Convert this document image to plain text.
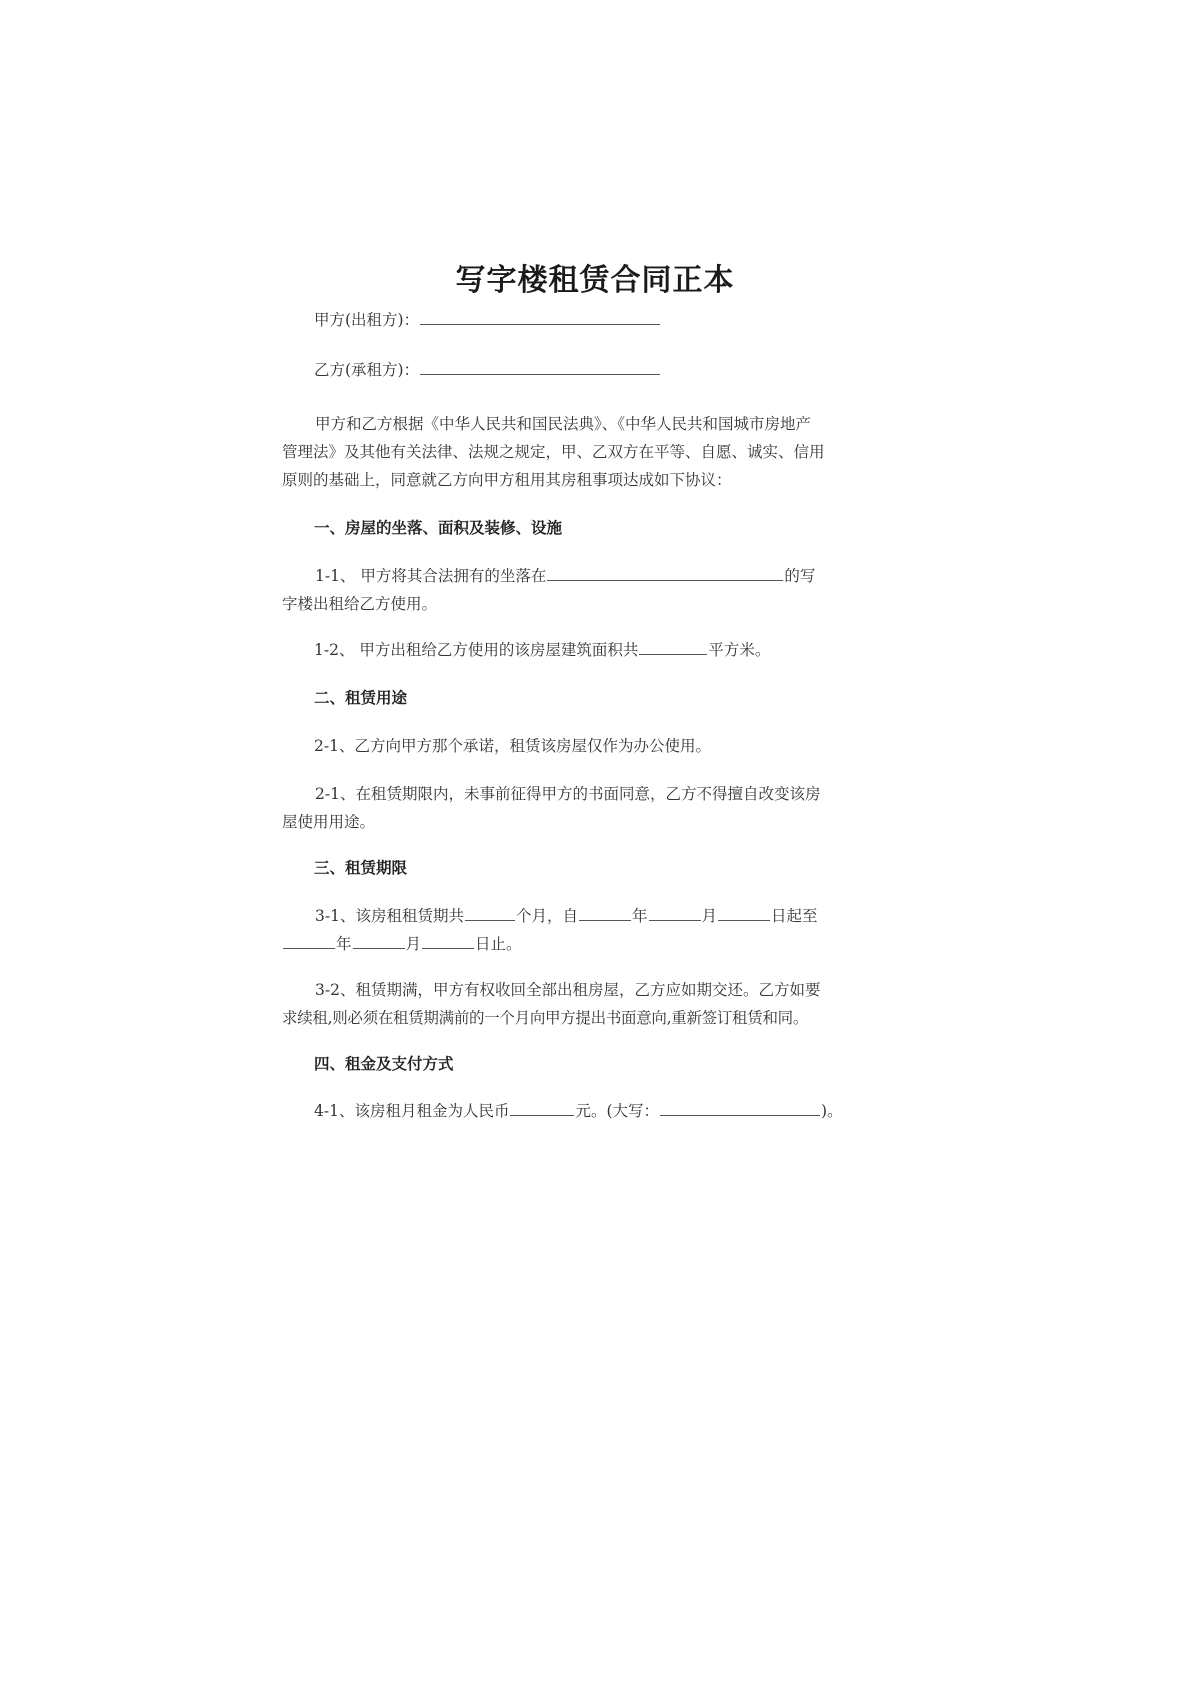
写字楼租赁合同正本
甲方(出租方)：
乙方(承租方)：
甲方和乙方根据《中华人民共和国民法典》、《中华人民共和国城市房地产
管理法》及其他有关法律、法规之规定，甲、乙双方在平等、自愿、诚实、信用
原则的基础上，同意就乙方向甲方租用其房租事项达成如下协议：
一、房屋的坐落、面积及装修、设施
1-1、 甲方将其合法拥有的坐落在	的写
字楼出租给乙方使用。
1-2、 甲方出租给乙方使用的该房屋建筑面积共	平方米。
二、租赁用途
2-1、乙方向甲方那个承诺，租赁该房屋仅作为办公使用。
2-1、在租赁期限内，未事前征得甲方的书面同意，乙方不得擅自改变该房
屋使用用途。
三、租赁期限
3-1、该房租租赁期共	个月，自	年	月	日起至
年	月	日止。
3-2、租赁期满，甲方有权收回全部出租房屋，乙方应如期交还。乙方如要
求续租,则必须在租赁期满前的一个月向甲方提出书面意向,重新签订租赁和同。
四、租金及支付方式
4-1、该房租月租金为人民币	元。(大写：	)。
